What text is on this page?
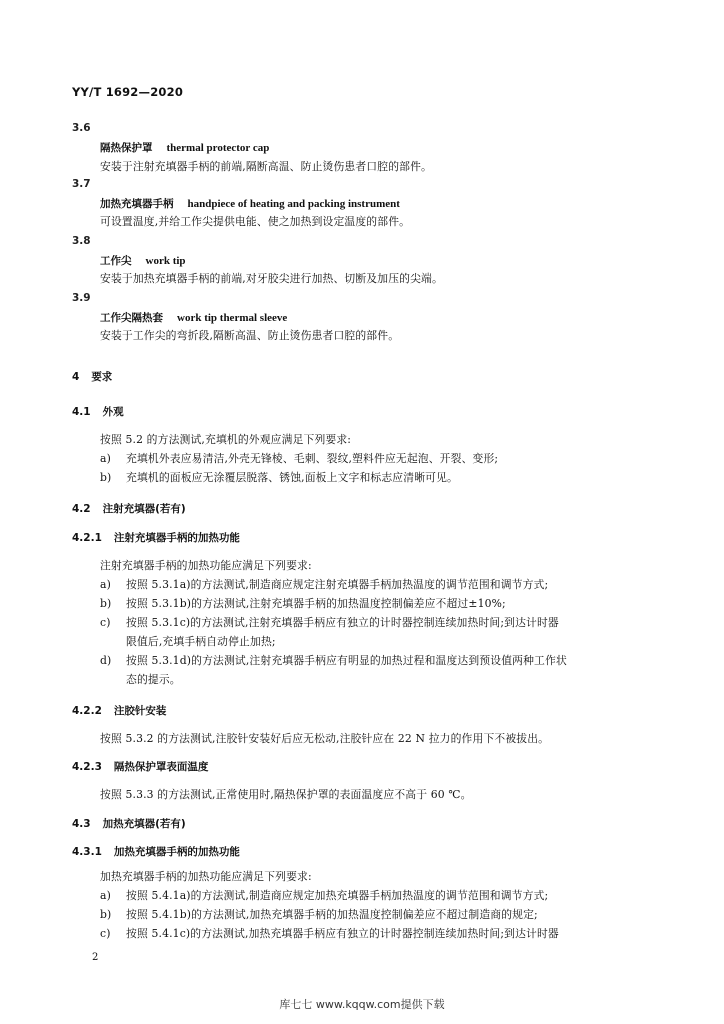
YY/T 1692—2020
3.6
隔热保护罩 thermal protector cap
安装于注射充填器手柄的前端,隔断高温、防止烫伤患者口腔的部件。
3.7
加热充填器手柄 handpiece of heating and packing instrument
可设置温度,并给工作尖提供电能、使之加热到设定温度的部件。
3.8
工作尖 work tip
安装于加热充填器手柄的前端,对牙胶尖进行加热、切断及加压的尖端。
3.9
工作尖隔热套 work tip thermal sleeve
安装于工作尖的弯折段,隔断高温、防止烫伤患者口腔的部件。
4 要求
4.1 外观
按照 5.2 的方法测试,充填机的外观应满足下列要求:
a) 充填机外表应易清洁,外壳无锋棱、毛刺、裂纹,塑料件应无起泡、开裂、变形;
b) 充填机的面板应无涂覆层脱落、锈蚀,面板上文字和标志应清晰可见。
4.2 注射充填器(若有)
4.2.1 注射充填器手柄的加热功能
注射充填器手柄的加热功能应满足下列要求:
a) 按照 5.3.1a)的方法测试,制造商应规定注射充填器手柄加热温度的调节范围和调节方式;
b) 按照 5.3.1b)的方法测试,注射充填器手柄的加热温度控制偏差应不超过±10%;
c) 按照 5.3.1c)的方法测试,注射充填器手柄应有独立的计时器控制连续加热时间;到达计时器
限值后,充填手柄自动停止加热;
d) 按照 5.3.1d)的方法测试,注射充填器手柄应有明显的加热过程和温度达到预设值两种工作状
态的提示。
4.2.2 注胶针安装
按照 5.3.2 的方法测试,注胶针安装好后应无松动,注胶针应在 22 N 拉力的作用下不被拔出。
4.2.3 隔热保护罩表面温度
按照 5.3.3 的方法测试,正常使用时,隔热保护罩的表面温度应不高于 60 ℃。
4.3 加热充填器(若有)
4.3.1 加热充填器手柄的加热功能
加热充填器手柄的加热功能应满足下列要求:
a) 按照 5.4.1a)的方法测试,制造商应规定加热充填器手柄加热温度的调节范围和调节方式;
b) 按照 5.4.1b)的方法测试,加热充填器手柄的加热温度控制偏差应不超过制造商的规定;
c) 按照 5.4.1c)的方法测试,加热充填器手柄应有独立的计时器控制连续加热时间;到达计时器
2
库七七 www.kqqw.com提供下载
